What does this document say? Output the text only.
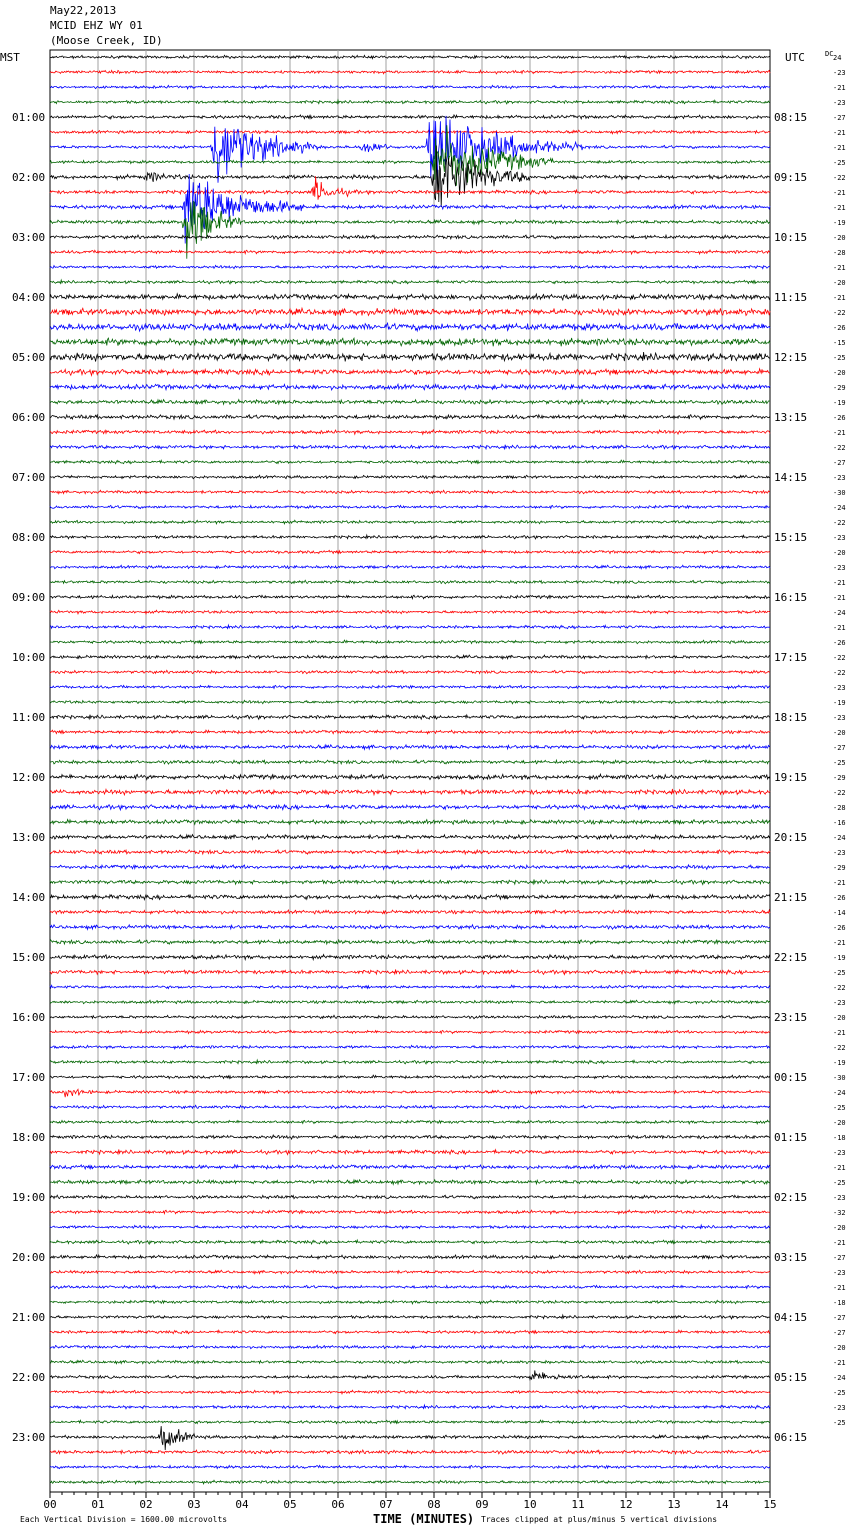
00	01	02	03	04	05	06	07	08	09	10	11	12	13	14	15
24
-23
-21
-23
-27
-21
-21
-25
-22
-21
-21
-19
-20
-28
-21
-20
-21
-22
-26
-15
-25
-20
-29
-19
-26
-21
-22
-27
-23
-30
-24
-22
-23
-20
-23
-21
-21
-24
-21
-26
-22
-22
-23
-19
-23
-20
-27
-25
-29
-22
-28
-16
-24
-23
-29
-21
-26
-14
-26
-21
-19
-25
-22
-23
-20
-21
-22
-19
-30
-24
-25
-20
-18
-23
-21
-25
-23
-32
-20
-21
-27
-23
-21
-18
-27
-27
-20
-21
-24
-25
-23
-25
DC
01:00	08:15
02:00	09:15
03:00	10:15
04:00	11:15
05:00	12:15
06:00	13:15
07:00	14:15
08:00	15:15
09:00	16:15
10:00	17:15
11:00	18:15
12:00	19:15
13:00	20:15
14:00	21:15
15:00	22:15
16:00	23:15
17:00	00:15
18:00	01:15
19:00	02:15
20:00	03:15
21:00	04:15
22:00	05:15
23:00	06:15
May22,2013
MCID EHZ WY 01
(Moose Creek, ID)
MST	UTC
Each Vertical Division = 1600.00 microvolts	TIME (MINUTES) Traces clipped at plus/minus 5 vertical divisions
